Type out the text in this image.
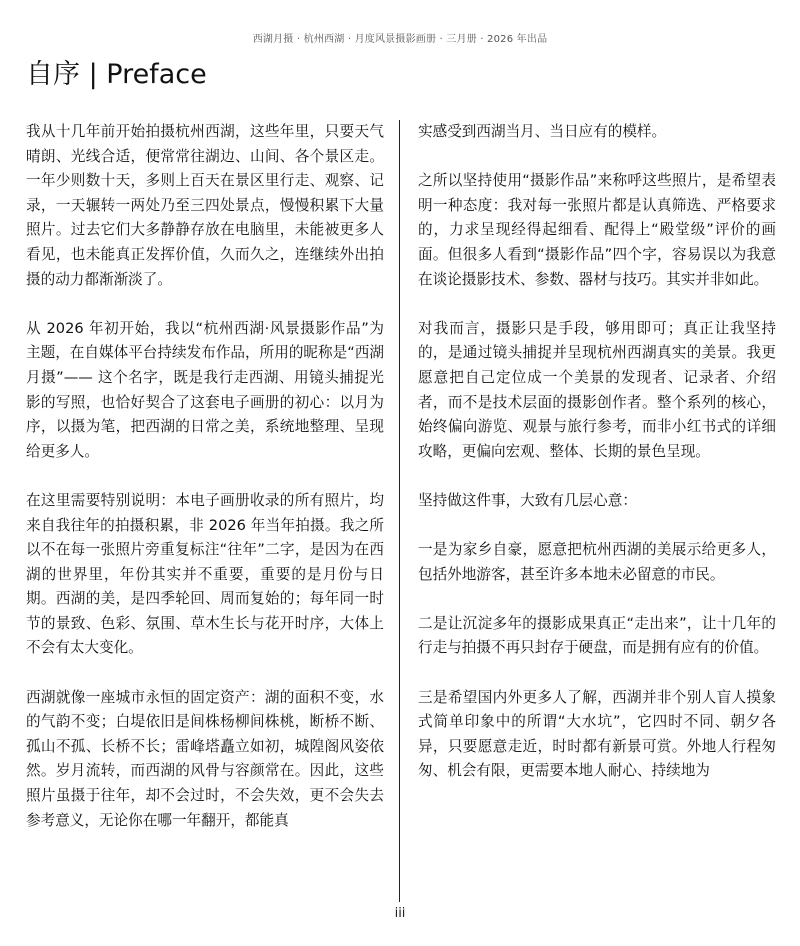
西湖月摄 · 杭州西湖 · 月度风景摄影画册 · 三月册 · 2026 年出品
自序 | Preface

我从十几年前开始拍摄杭州西湖，这些年里，只要天气晴朗、光线合适，便常常往湖边、山间、各个景区走。一年少则数十天，多则上百天在景区里行走、观察、记录，一天辗转一两处乃至三四处景点，慢慢积累下大量照片。过去它们大多静静存放在电脑里，未能被更多人看见，也未能真正发挥价值，久而久之，连继续外出拍摄的动力都渐渐淡了。

从 2026 年初开始，我以“杭州西湖·风景摄影作品”为主题，在自媒体平台持续发布作品，所用的昵称是“西湖月摄”—— 这个名字，既是我行走西湖、用镜头捕捉光影的写照，也恰好契合了这套电子画册的初心：以月为序，以摄为笔，把西湖的日常之美，系统地整理、呈现给更多人。

在这里需要特别说明：本电子画册收录的所有照片，均来自我往年的拍摄积累，非 2026 年当年拍摄。我之所以不在每一张照片旁重复标注“往年”二字，是因为在西湖的世界里，年份其实并不重要，重要的是月份与日期。西湖的美，是四季轮回、周而复始的；每年同一时节的景致、色彩、氛围、草木生长与花开时序，大体上不会有太大变化。

西湖就像一座城市永恒的固定资产：湖的面积不变，水的气韵不变；白堤依旧是间株杨柳间株桃，断桥不断、孤山不孤、长桥不长；雷峰塔矗立如初，城隍阁风姿依然。岁月流转，而西湖的风骨与容颜常在。因此，这些照片虽摄于往年，却不会过时，不会失效，更不会失去参考意义，无论你在哪一年翻开，都能真

实感受到西湖当月、当日应有的模样。

之所以坚持使用“摄影作品”来称呼这些照片，是希望表明一种态度：我对每一张照片都是认真筛选、严格要求的，力求呈现经得起细看、配得上“殿堂级”评价的画面。但很多人看到“摄影作品”四个字，容易误以为我意在谈论摄影技术、参数、器材与技巧。其实并非如此。

对我而言，摄影只是手段，够用即可；真正让我坚持的，是通过镜头捕捉并呈现杭州西湖真实的美景。我更愿意把自己定位成一个美景的发现者、记录者、介绍者，而不是技术层面的摄影创作者。整个系列的核心，始终偏向游览、观景与旅行参考，而非小红书式的详细攻略，更偏向宏观、整体、长期的景色呈现。

坚持做这件事，大致有几层心意：

一是为家乡自豪，愿意把杭州西湖的美展示给更多人，包括外地游客，甚至许多本地未必留意的市民。

二是让沉淀多年的摄影成果真正“走出来”，让十几年的行走与拍摄不再只封存于硬盘，而是拥有应有的价值。

三是希望国内外更多人了解，西湖并非个别人盲人摸象式简单印象中的所谓“大水坑”，它四时不同、朝夕各异，只要愿意走近，时时都有新景可赏。外地人行程匆匆、机会有限，更需要本地人耐心、持续地为

iii
